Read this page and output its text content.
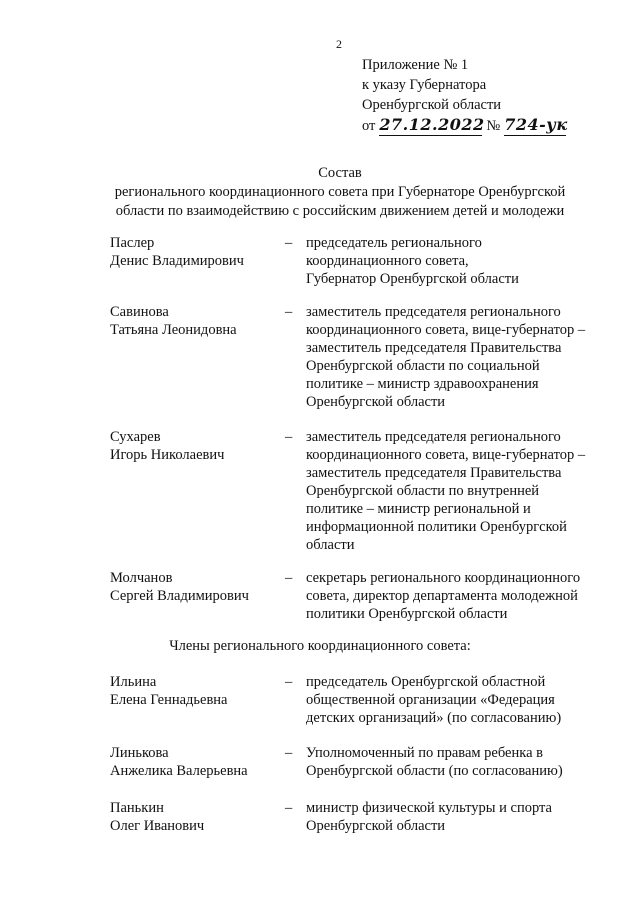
2
Приложение № 1
к указу Губернатора
Оренбургской области
от 27.12.2022 № 724-ук
Состав
регионального координационного совета при Губернаторе Оренбургской
области по взаимодействию с российским движением детей и молодежи
Паслер
Денис Владимирович
– председатель регионального
координационного совета,
Губернатор Оренбургской области
Савинова
Татьяна Леонидовна
– заместитель председателя регионального
координационного совета, вице-губернатор –
заместитель председателя Правительства
Оренбургской области по социальной
политике – министр здравоохранения
Оренбургской области
Сухарев
Игорь Николаевич
– заместитель председателя регионального
координационного совета, вице-губернатор –
заместитель председателя Правительства
Оренбургской области по внутренней
политике – министр региональной и
информационной политики Оренбургской
области
Молчанов
Сергей Владимирович
– секретарь регионального координационного
совета, директор департамента молодежной
политики Оренбургской области
Члены регионального координационного совета:
Ильина
Елена Геннадьевна
– председатель Оренбургской областной
общественной организации «Федерация
детских организаций» (по согласованию)
Линькова
Анжелика Валерьевна
– Уполномоченный по правам ребенка в
Оренбургской области (по согласованию)
Панькин
Олег Иванович
– министр физической культуры и спорта
Оренбургской области
